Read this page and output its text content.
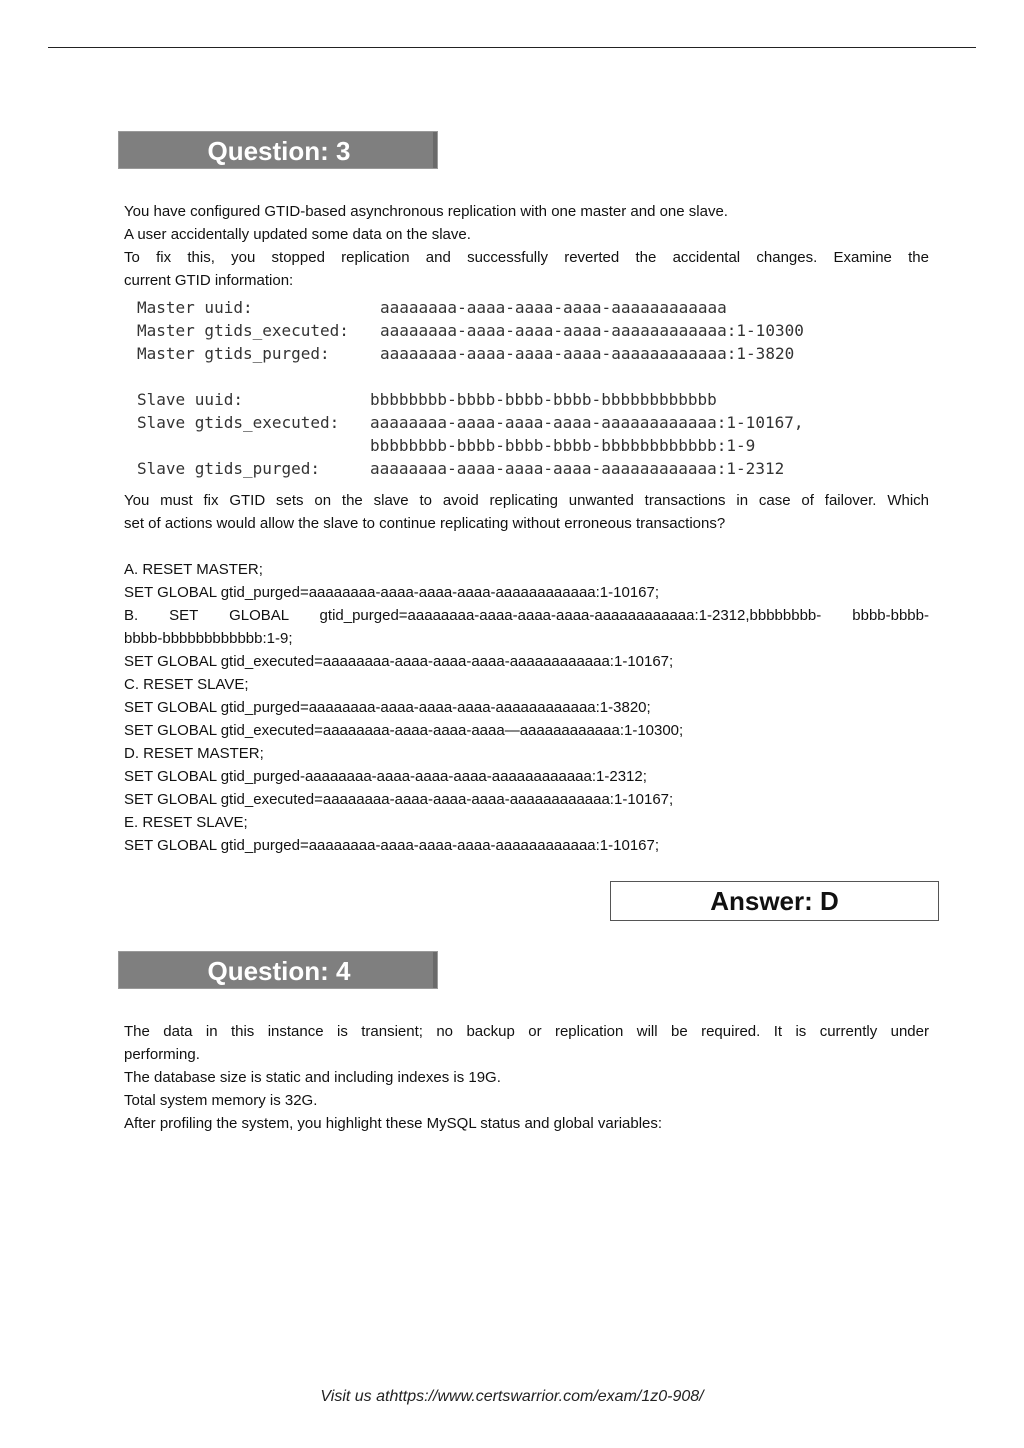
Question: 3
You have configured GTID-based asynchronous replication with one master and one slave.
A user accidentally updated some data on the slave.
To fix this, you stopped replication and successfully reverted the accidental changes. Examine the
current GTID information:
Master uuid:	aaaaaaaa-aaaa-aaaa-aaaa-aaaaaaaaaaaa
Master gtids_executed: aaaaaaaa-aaaa-aaaa-aaaa-aaaaaaaaaaaa:1-10300
Master gtids_purged:	aaaaaaaa-aaaa-aaaa-aaaa-aaaaaaaaaaaa:1-3820
Slave uuid:	bbbbbbbb-bbbb-bbbb-bbbb-bbbbbbbbbbbb
Slave gtids_executed: aaaaaaaa-aaaa-aaaa-aaaa-aaaaaaaaaaaa:1-10167,
bbbbbbbb-bbbb-bbbb-bbbb-bbbbbbbbbbbb:1-9
Slave gtids_purged:	aaaaaaaa-aaaa-aaaa-aaaa-aaaaaaaaaaaa:1-2312
You must fix GTID sets on the slave to avoid replicating unwanted transactions in case of failover. Which
set of actions would allow the slave to continue replicating without erroneous transactions?
A. RESET MASTER;
SET GLOBAL gtid_purged=aaaaaaaa-aaaa-aaaa-aaaa-aaaaaaaaaaaa:1-10167;
B. SET GLOBAL gtid_purged=aaaaaaaa-aaaa-aaaa-aaaa-aaaaaaaaaaaa:1-2312,bbbbbbbb- bbbb-bbbb-
bbbb-bbbbbbbbbbbb:1-9;
SET GLOBAL gtid_executed=aaaaaaaa-aaaa-aaaa-aaaa-aaaaaaaaaaaa:1-10167;
C. RESET SLAVE;
SET GLOBAL gtid_purged=aaaaaaaa-aaaa-aaaa-aaaa-aaaaaaaaaaaa:1-3820;
SET GLOBAL gtid_executed=aaaaaaaa-aaaa-aaaa-aaaa—aaaaaaaaaaaa:1-10300;
D. RESET MASTER;
SET GLOBAL gtid_purged-aaaaaaaa-aaaa-aaaa-aaaa-aaaaaaaaaaaa:1-2312;
SET GLOBAL gtid_executed=aaaaaaaa-aaaa-aaaa-aaaa-aaaaaaaaaaaa:1-10167;
E. RESET SLAVE;
SET GLOBAL gtid_purged=aaaaaaaa-aaaa-aaaa-aaaa-aaaaaaaaaaaa:1-10167;
Answer: D
Question: 4
The data in this instance is transient; no backup or replication will be required. It is currently under
performing.
The database size is static and including indexes is 19G.
Total system memory is 32G.
After profiling the system, you highlight these MySQL status and global variables:
Visit us athttps://www.certswarrior.com/exam/1z0-908/
